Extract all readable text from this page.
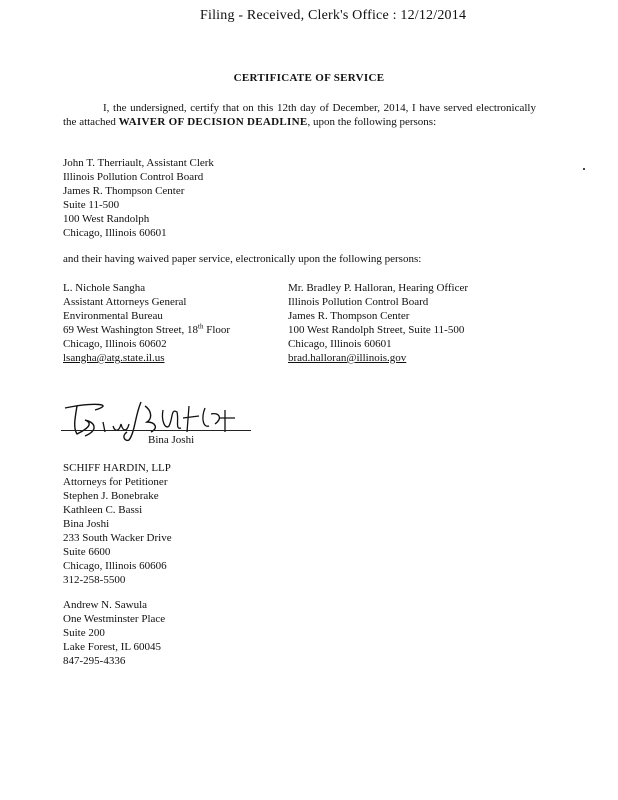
Filing - Received, Clerk's Office : 12/12/2014
CERTIFICATE OF SERVICE
I, the undersigned, certify that on this 12th day of December, 2014, I have served electronically the attached WAIVER OF DECISION DEADLINE, upon the following persons:
John T. Therriault, Assistant Clerk
Illinois Pollution Control Board
James R. Thompson Center
Suite 11-500
100 West Randolph
Chicago, Illinois 60601
and their having waived paper service, electronically upon the following persons:
L. Nichole Sangha
Assistant Attorneys General
Environmental Bureau
69 West Washington Street, 18th Floor
Chicago, Illinois 60602
lsangha@atg.state.il.us
Mr. Bradley P. Halloran, Hearing Officer
Illinois Pollution Control Board
James R. Thompson Center
100 West Randolph Street, Suite 11-500
Chicago, Illinois 60601
brad.halloran@illinois.gov
Bina Joshi
SCHIFF HARDIN, LLP
Attorneys for Petitioner
Stephen J. Bonebrake
Kathleen C. Bassi
Bina Joshi
233 South Wacker Drive
Suite 6600
Chicago, Illinois 60606
312-258-5500
Andrew N. Sawula
One Westminster Place
Suite 200
Lake Forest, IL 60045
847-295-4336
